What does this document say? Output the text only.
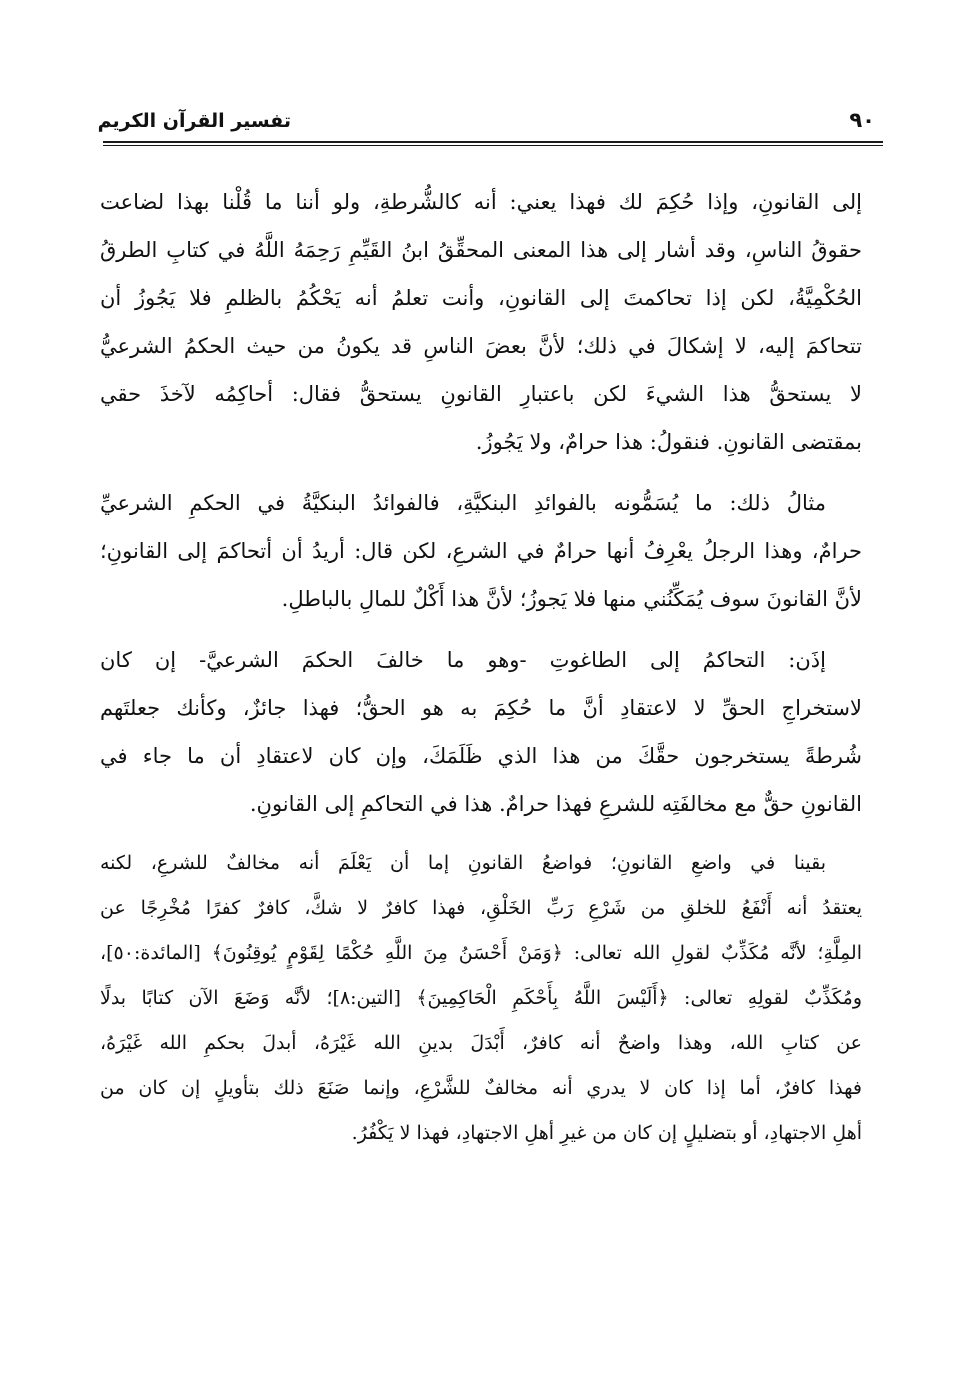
٩٠
تفسير القرآن الكريم
إلى القانونِ، وإذا حُكِمَ لك فهذا يعني: أنه كالشُّرطةِ، ولو أننا ما قُلْنا بهذا لضاعت
حقوقُ الناسِ، وقد أشار إلى هذا المعنى المحقِّقُ ابنُ القَيِّمِ رَحِمَهُ اللَّهُ في كتابِ الطرقُ
الحُكْمِيَّةُ، لكن إذا تحاكمتَ إلى القانونِ، وأنت تعلمُ أنه يَحْكُمُ بالظلمِ فلا يَجُوزُ أن
تتحاكمَ إليه، لا إشكالَ في ذلك؛ لأنَّ بعضَ الناسِ قد يكونُ من حيث الحكمُ الشرعيُّ
لا يستحقُّ هذا الشيءَ لكن باعتبارِ القانونِ يستحقُّ فقال: أحاكِمُه لآخذَ حقي
بمقتضى القانونِ. فنقولُ: هذا حرامٌ، ولا يَجُوزُ.
مثالُ ذلك: ما يُسَمُّونه بالفوائدِ البنكيَّةِ، فالفوائدُ البنكيَّةُ في الحكمِ الشرعيِّ
حرامٌ، وهذا الرجلُ يعْرِفُ أنها حرامٌ في الشرعِ، لكن قال: أريدُ أن أتحاكمَ إلى القانونِ؛
لأنَّ القانونَ سوف يُمَكِّنُني منها فلا يَجوزُ؛ لأنَّ هذا أَكْلٌ للمالِ بالباطلِ.
إذَن: التحاكمُ إلى الطاغوتِ -وهو ما خالفَ الحكمَ الشرعيَّ- إن كان
لاستخراجِ الحقِّ لا لاعتقادِ أنَّ ما حُكِمَ به هو الحقُّ؛ فهذا جائزٌ، وكأنك جعلتَهم
شُرطةً يستخرجون حقَّكَ من هذا الذي ظَلَمَكَ، وإن كان لاعتقادِ أن ما جاء في
القانونِ حقٌّ مع مخالفَتِه للشرعِ فهذا حرامٌ. هذا في التحاكمِ إلى القانونِ.
بقينا في واضعِ القانونِ؛ فواضعُ القانونِ إما أن يَعْلَمَ أنه مخالفٌ للشرعِ، لكنه
يعتقدُ أنه أَنْفَعُ للخلقِ من شَرْعِ رَبِّ الخَلْقِ، فهذا كافرٌ لا شكَّ، كافرٌ كفرًا مُخْرِجًا عن
المِلَّةِ؛ لأنَّه مُكَذِّبٌ لقولِ الله تعالى: ﴿وَمَنْ أَحْسَنُ مِنَ اللَّهِ حُكْمًا لِقَوْمٍ يُوقِنُونَ﴾ [المائدة:٥٠]،
ومُكَذِّبٌ لقولِهِ تعالى: ﴿أَلَيْسَ اللَّهُ بِأَحْكَمِ الْحَاكِمِينَ﴾ [التين:٨]؛ لأنَّه وَضَعَ الآن كتابًا بدلًا
عن كتابِ الله، وهذا واضحٌ أنه كافرٌ، أَبْدَلَ بدينِ الله غَيْرَهُ، أبدلَ بحكمِ الله غَيْرَهُ،
فهذا كافرٌ، أما إذا كان لا يدري أنه مخالفٌ للشَّرْعِ، وإنما صَنَعَ ذلك بتأويلٍ إن كان من
أهلِ الاجتهادِ، أو بتضليلٍ إن كان من غيرِ أهلِ الاجتهادِ، فهذا لا يَكْفُرُ.
